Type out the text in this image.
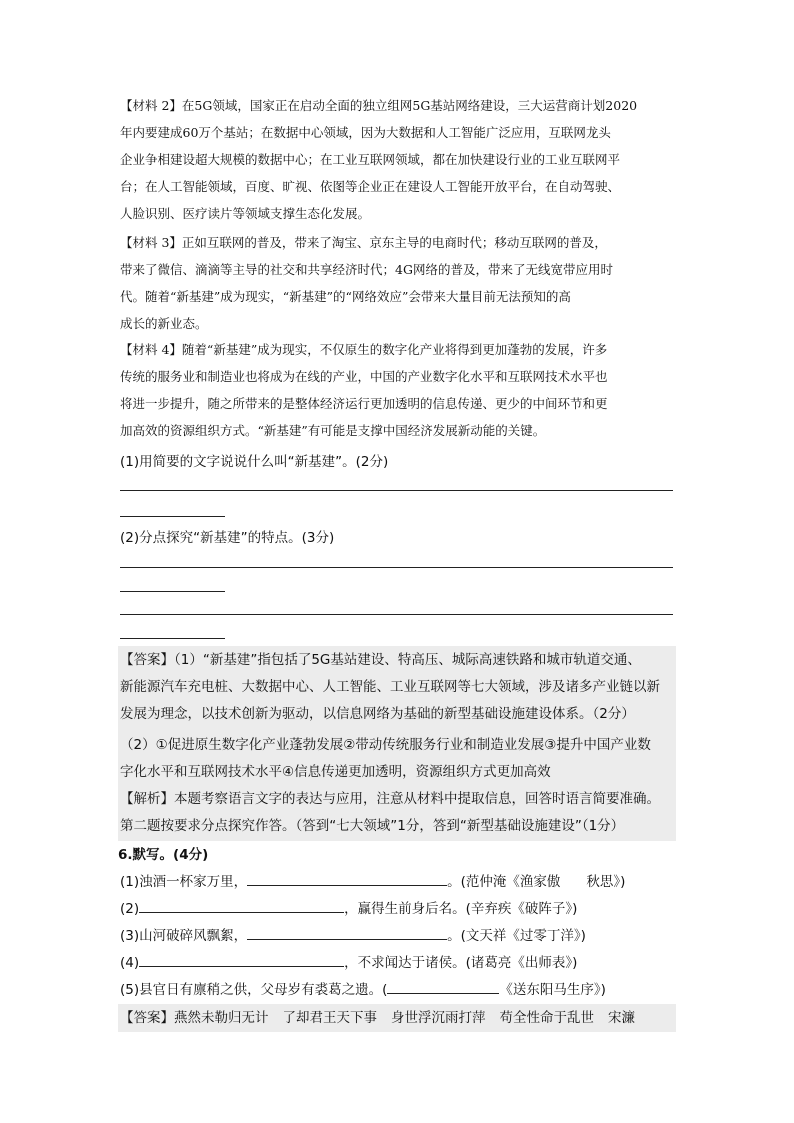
【材料 2】在5G领域，国家正在启动全面的独立组网5G基站网络建设，三大运营商计划2020

年内要建成60万个基站；在数据中心领域，因为大数据和人工智能广泛应用，互联网龙头

企业争相建设超大规模的数据中心；在工业互联网领域，都在加快建设行业的工业互联网平

台；在人工智能领域，百度、旷视、依图等企业正在建设人工智能开放平台，在自动驾驶、

人脸识别、医疗读片等领域支撑生态化发展。

【材料 3】正如互联网的普及，带来了淘宝、京东主导的电商时代；移动互联网的普及，

带来了微信、滴滴等主导的社交和共享经济时代；4G网络的普及，带来了无线宽带应用时

代。随着“新基建”成为现实，“新基建”的“网络效应”会带来大量目前无法预知的高

成长的新业态。

【材料 4】随着“新基建”成为现实，不仅原生的数字化产业将得到更加蓬勃的发展，许多

传统的服务业和制造业也将成为在线的产业，中国的产业数字化水平和互联网技术水平也

将进一步提升，随之所带来的是整体经济运行更加透明的信息传递、更少的中间环节和更

加高效的资源组织方式。“新基建”有可能是支撑中国经济发展新动能的关键。

(1)用简要的文字说说什么叫“新基建”。(2分)
(2)分点探究“新基建”的特点。(3分)

【答案】（1）“新基建”指包括了5G基站建设、特高压、城际高速铁路和城市轨道交通、

新能源汽车充电桩、大数据中心、人工智能、工业互联网等七大领域，涉及诸多产业链以新

发展为理念，以技术创新为驱动，以信息网络为基础的新型基础设施建设体系。（2分）

（2）①促进原生数字化产业蓬勃发展②带动传统服务行业和制造业发展③提升中国产业数

字化水平和互联网技术水平④信息传递更加透明，资源组织方式更加高效

【解析】本题考察语言文字的表达与应用，注意从材料中提取信息，回答时语言简要准确。

第二题按要求分点探究作答。（答到“七大领域”1分，答到“新型基础设施建设”（1分）

6.默写。(4分)
(1)浊酒一杯家万里，	。(范仲淹《渔家傲 秋思》)
(2)	，赢得生前身后名。(辛弃疾《破阵子》)
(3)山河破碎风飘絮，	。(文天祥《过零丁洋》)
(4)	，不求闻达于诸侯。(诸葛亮《出师表》)
(5)县官日有廪稍之供，父母岁有裘葛之遗。(	《送东阳马生序》)
【答案】燕然未勒归无计 了却君王天下事 身世浮沉雨打萍 苟全性命于乱世 宋濂
